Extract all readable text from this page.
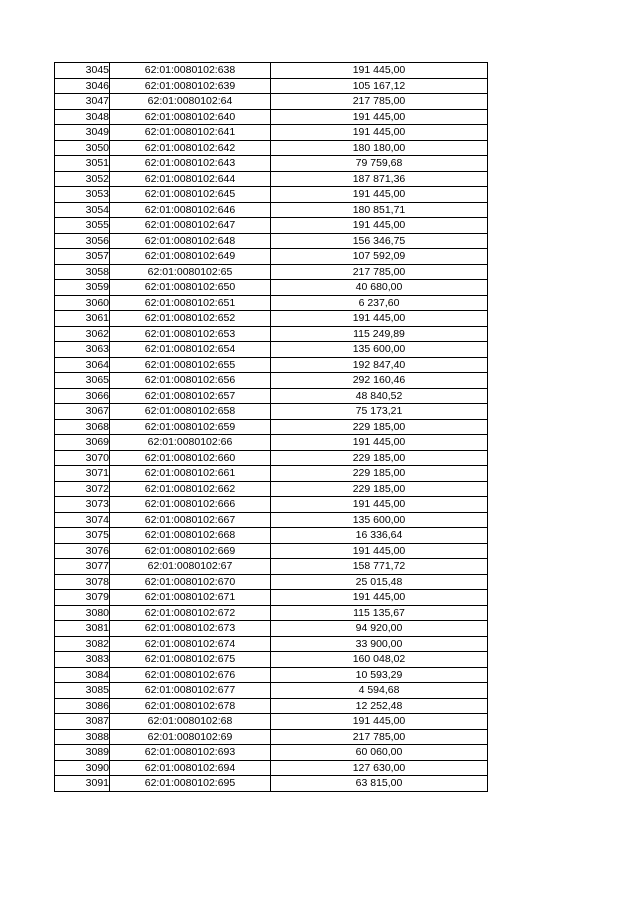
3045	62:01:0080102:638	191 445,00
3046	62:01:0080102:639	105 167,12
3047	62:01:0080102:64	217 785,00
3048	62:01:0080102:640	191 445,00
3049	62:01:0080102:641	191 445,00
3050	62:01:0080102:642	180 180,00
3051	62:01:0080102:643	79 759,68
3052	62:01:0080102:644	187 871,36
3053	62:01:0080102:645	191 445,00
3054	62:01:0080102:646	180 851,71
3055	62:01:0080102:647	191 445,00
3056	62:01:0080102:648	156 346,75
3057	62:01:0080102:649	107 592,09
3058	62:01:0080102:65	217 785,00
3059	62:01:0080102:650	40 680,00
3060	62:01:0080102:651	6 237,60
3061	62:01:0080102:652	191 445,00
3062	62:01:0080102:653	115 249,89
3063	62:01:0080102:654	135 600,00
3064	62:01:0080102:655	192 847,40
3065	62:01:0080102:656	292 160,46
3066	62:01:0080102:657	48 840,52
3067	62:01:0080102:658	75 173,21
3068	62:01:0080102:659	229 185,00
3069	62:01:0080102:66	191 445,00
3070	62:01:0080102:660	229 185,00
3071	62:01:0080102:661	229 185,00
3072	62:01:0080102:662	229 185,00
3073	62:01:0080102:666	191 445,00
3074	62:01:0080102:667	135 600,00
3075	62:01:0080102:668	16 336,64
3076	62:01:0080102:669	191 445,00
3077	62:01:0080102:67	158 771,72
3078	62:01:0080102:670	25 015,48
3079	62:01:0080102:671	191 445,00
3080	62:01:0080102:672	115 135,67
3081	62:01:0080102:673	94 920,00
3082	62:01:0080102:674	33 900,00
3083	62:01:0080102:675	160 048,02
3084	62:01:0080102:676	10 593,29
3085	62:01:0080102:677	4 594,68
3086	62:01:0080102:678	12 252,48
3087	62:01:0080102:68	191 445,00
3088	62:01:0080102:69	217 785,00
3089	62:01:0080102:693	60 060,00
3090	62:01:0080102:694	127 630,00
3091	62:01:0080102:695	63 815,00
